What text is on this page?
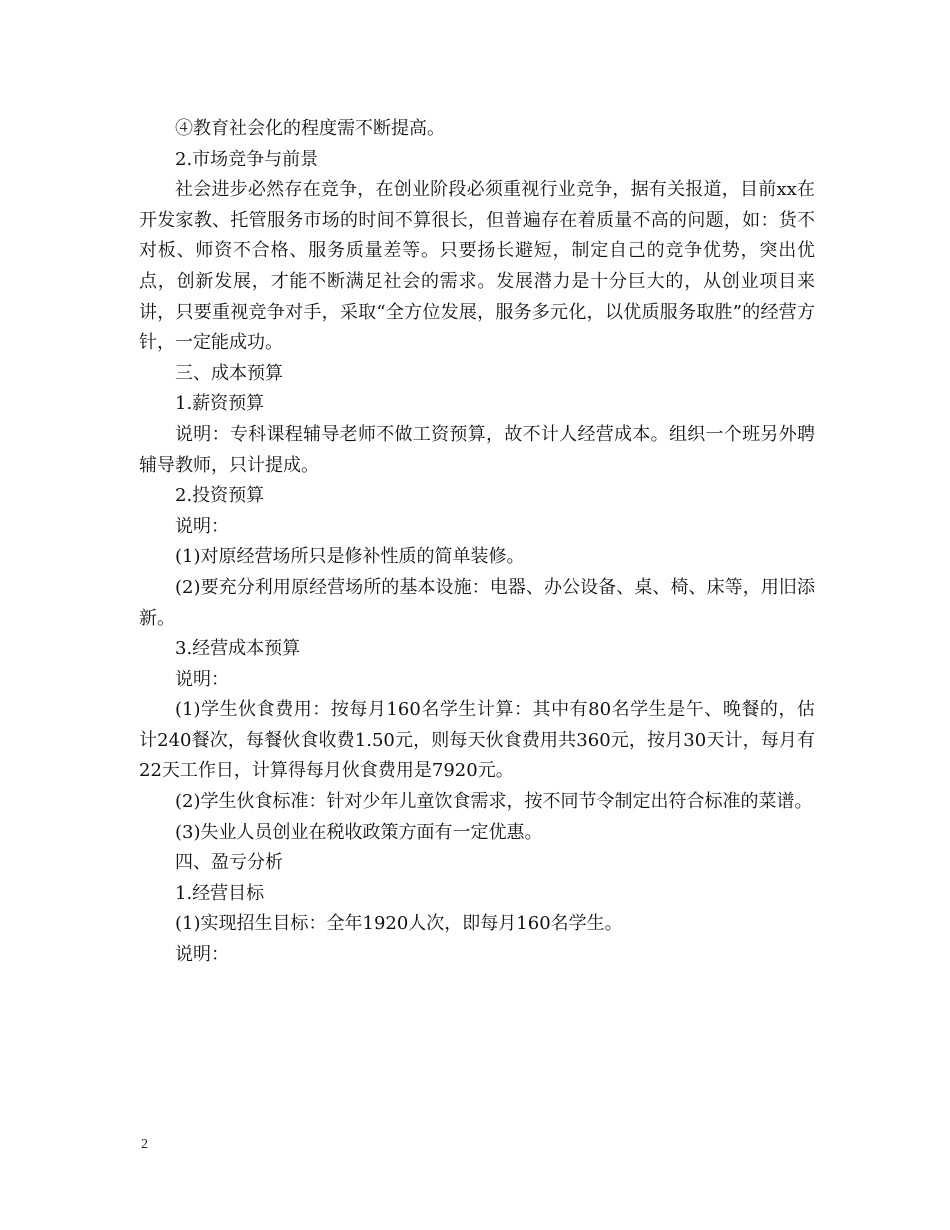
④教育社会化的程度需不断提高。

2.市场竞争与前景

社会进步必然存在竞争，在创业阶段必须重视行业竞争，据有关报道，目前xx在开发家教、托管服务市场的时间不算很长，但普遍存在着质量不高的问题，如：货不对板、师资不合格、服务质量差等。只要扬长避短，制定自己的竞争优势，突出优点，创新发展，才能不断满足社会的需求。发展潜力是十分巨大的，从创业项目来讲，只要重视竞争对手，采取“全方位发展，服务多元化，以优质服务取胜”的经营方针，一定能成功。

三、成本预算

1.薪资预算

说明：专科课程辅导老师不做工资预算，故不计人经营成本。组织一个班另外聘辅导教师，只计提成。

2.投资预算

说明：

(1)对原经营场所只是修补性质的简单装修。

(2)要充分利用原经营场所的基本设施：电器、办公设备、桌、椅、床等，用旧添新。

3.经营成本预算

说明：

(1)学生伙食费用：按每月160名学生计算：其中有80名学生是午、晚餐的，估计240餐次，每餐伙食收费1.50元，则每天伙食费用共360元，按月30天计，每月有22天工作日，计算得每月伙食费用是7920元。

(2)学生伙食标准：针对少年儿童饮食需求，按不同节令制定出符合标准的菜谱。

(3)失业人员创业在税收政策方面有一定优惠。

四、盈亏分析

1.经营目标

(1)实现招生目标：全年1920人次，即每月160名学生。

说明：

2
